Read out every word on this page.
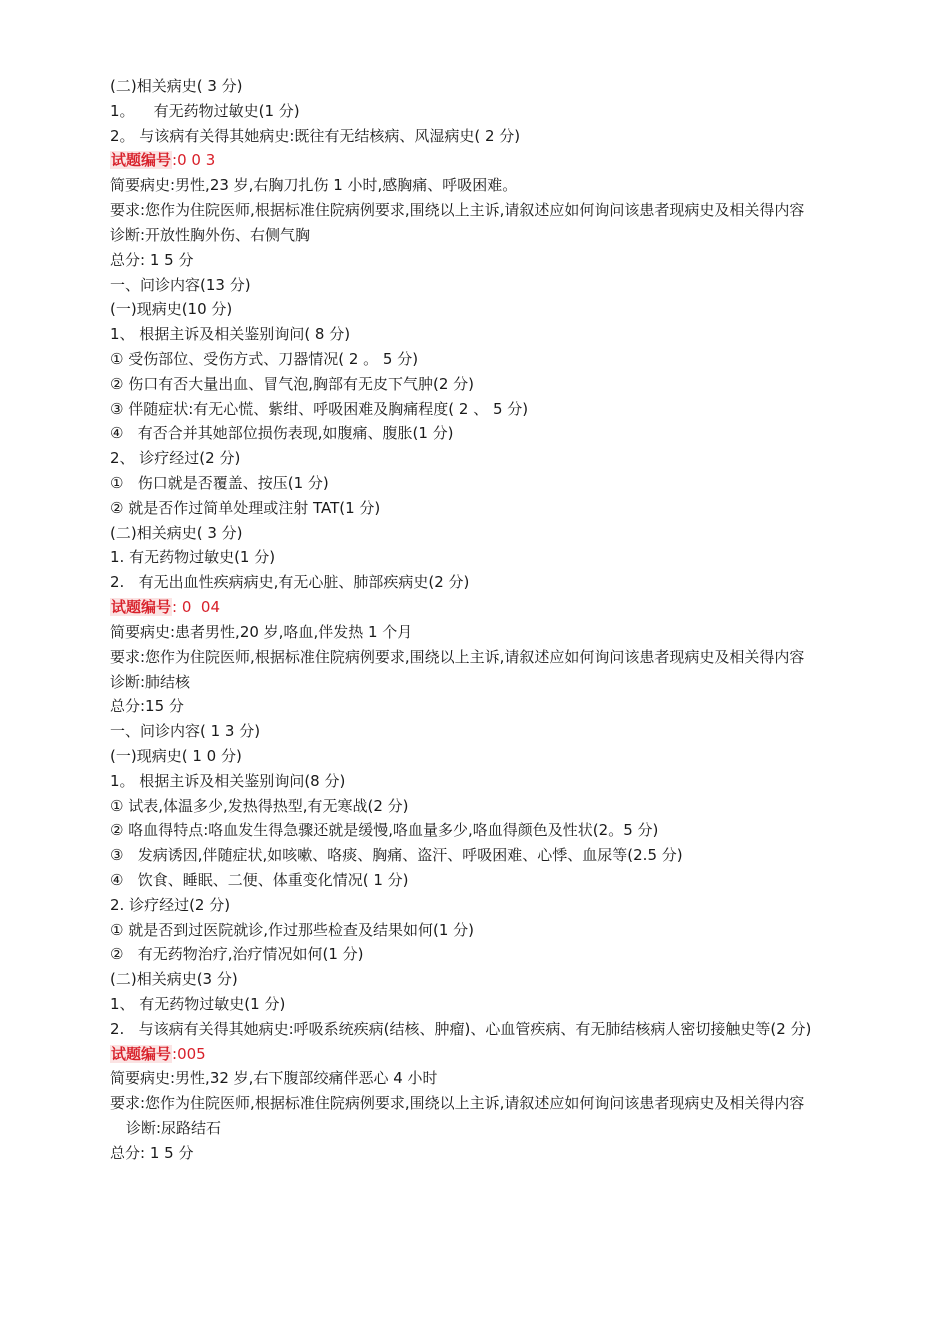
(二)相关病史( 3 分)
1。    有无药物过敏史(1 分)
2。 与该病有关得其她病史:既往有无结核病、风湿病史( 2 分)
试题编号:0 0 3
简要病史:男性,23 岁,右胸刀扎伤 1 小时,感胸痛、呼吸困难。
要求:您作为住院医师,根据标准住院病例要求,围绕以上主诉,请叙述应如何询问该患者现病史及相关得内容
诊断:开放性胸外伤、右侧气胸
总分: 1 5 分
一、问诊内容(13 分)
(一)现病史(10 分)
1、 根据主诉及相关鉴别询问( 8 分)
① 受伤部位、受伤方式、刀器情况( 2 。 5 分)
② 伤口有否大量出血、冒气泡,胸部有无皮下气肿(2 分)
③ 伴随症状:有无心慌、紫绀、呼吸困难及胸痛程度( 2 、 5 分)
④   有否合并其她部位损伤表现,如腹痛、腹胀(1 分)
2、 诊疗经过(2 分)
①   伤口就是否覆盖、按压(1 分)
② 就是否作过简单处理或注射 TAT(1 分)
(二)相关病史( 3 分)
1. 有无药物过敏史(1 分)
2.   有无出血性疾病病史,有无心脏、肺部疾病史(2 分)
试题编号: 0  04
简要病史:患者男性,20 岁,咯血,伴发热 1 个月
要求:您作为住院医师,根据标准住院病例要求,围绕以上主诉,请叙述应如何询问该患者现病史及相关得内容
诊断:肺结核
总分:15 分
一、问诊内容( 1 3 分)
(一)现病史( 1 0 分)
1。 根据主诉及相关鉴别询问(8 分)
① 试表,体温多少,发热得热型,有无寒战(2 分)
② 咯血得特点:咯血发生得急骤还就是缓慢,咯血量多少,咯血得颜色及性状(2。5 分)
③   发病诱因,伴随症状,如咳嗽、咯痰、胸痛、盗汗、呼吸困难、心悸、血尿等(2.5 分)
④   饮食、睡眠、二便、体重变化情况( 1 分)
2. 诊疗经过(2 分)
① 就是否到过医院就诊,作过那些检查及结果如何(1 分)
②   有无药物治疗,治疗情况如何(1 分)
(二)相关病史(3 分)
1、 有无药物过敏史(1 分)
2.   与该病有关得其她病史:呼吸系统疾病(结核、肿瘤)、心血管疾病、有无肺结核病人密切接触史等(2 分)
试题编号:005
简要病史:男性,32 岁,右下腹部绞痛伴恶心 4 小时
要求:您作为住院医师,根据标准住院病例要求,围绕以上主诉,请叙述应如何询问该患者现病史及相关得内容
诊断:尿路结石
总分: 1 5 分
